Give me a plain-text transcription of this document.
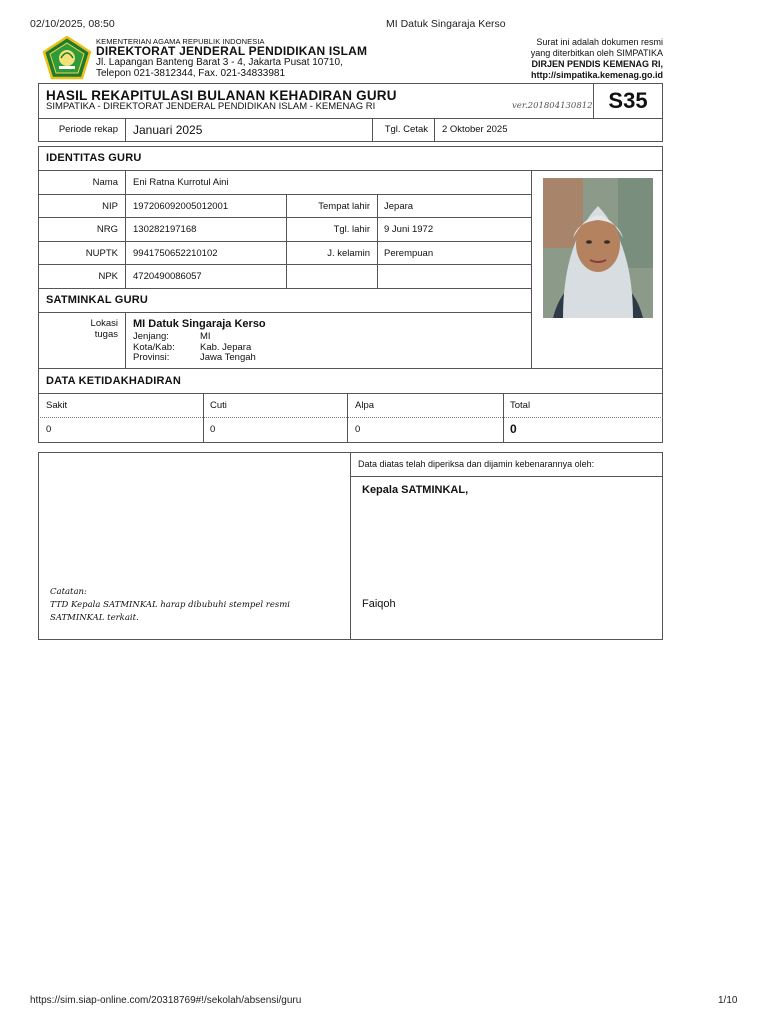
02/10/2025, 08:50	MI Datuk Singaraja Kerso
KEMENTERIAN AGAMA REPUBLIK INDONESIA
DIREKTORAT JENDERAL PENDIDIKAN ISLAM
Jl. Lapangan Banteng Barat 3 - 4, Jakarta Pusat 10710,
Telepon 021-3812344, Fax. 021-34833981
Surat ini adalah dokumen resmi
yang diterbitkan oleh SIMPATIKA
DIRJEN PENDIS KEMENAG RI,
http://simpatika.kemenag.go.id
HASIL REKAPITULASI BULANAN KEHADIRAN GURU
SIMPATIKA - DIREKTORAT JENDERAL PENDIDIKAN ISLAM - KEMENAG RI	ver.201804130812 S35
Periode rekap Januari 2025	Tgl. Cetak 2 Oktober 2025
IDENTITAS GURU
Nama Eni Ratna Kurrotul Aini
NIP 197206092005012001	Tempat lahir Jepara
NRG 130282197168	Tgl. lahir 9 Juni 1972
NUPTK 9941750652210102	J. kelamin Perempuan
NPK 4720490086057
SATMINKAL GURU
Lokasi
tugas
MI Datuk Singaraja Kerso
Jenjang:	MI
Kota/Kab:	Kab. Jepara
Provinsi:	Jawa Tengah
DATA KETIDAKHADIRAN
Sakit	Cuti	Alpa	Total
0	0	0	0
Data diatas telah diperiksa dan dijamin kebenarannya oleh:
Kepala SATMINKAL,
Faiqoh
Catatan:
TTD Kepala SATMINKAL harap dibubuhi stempel resmi
SATMINKAL terkait.
https://sim.siap-online.com/20318769#!/sekolah/absensi/guru	1/10
